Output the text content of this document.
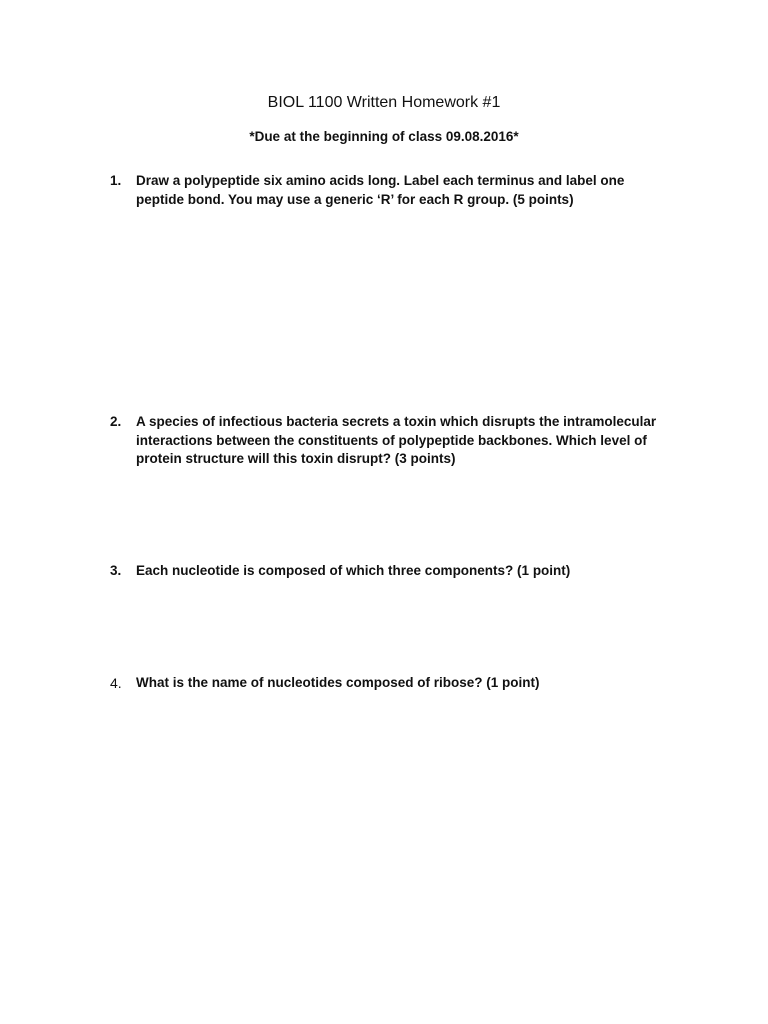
BIOL 1100 Written Homework #1
*Due at the beginning of class 09.08.2016*
1. Draw a polypeptide six amino acids long. Label each terminus and label one peptide bond. You may use a generic ‘R’ for each R group. (5 points)
2. A species of infectious bacteria secrets a toxin which disrupts the intramolecular interactions between the constituents of polypeptide backbones. Which level of protein structure will this toxin disrupt? (3 points)
3. Each nucleotide is composed of which three components? (1 point)
4. What is the name of nucleotides composed of ribose? (1 point)
